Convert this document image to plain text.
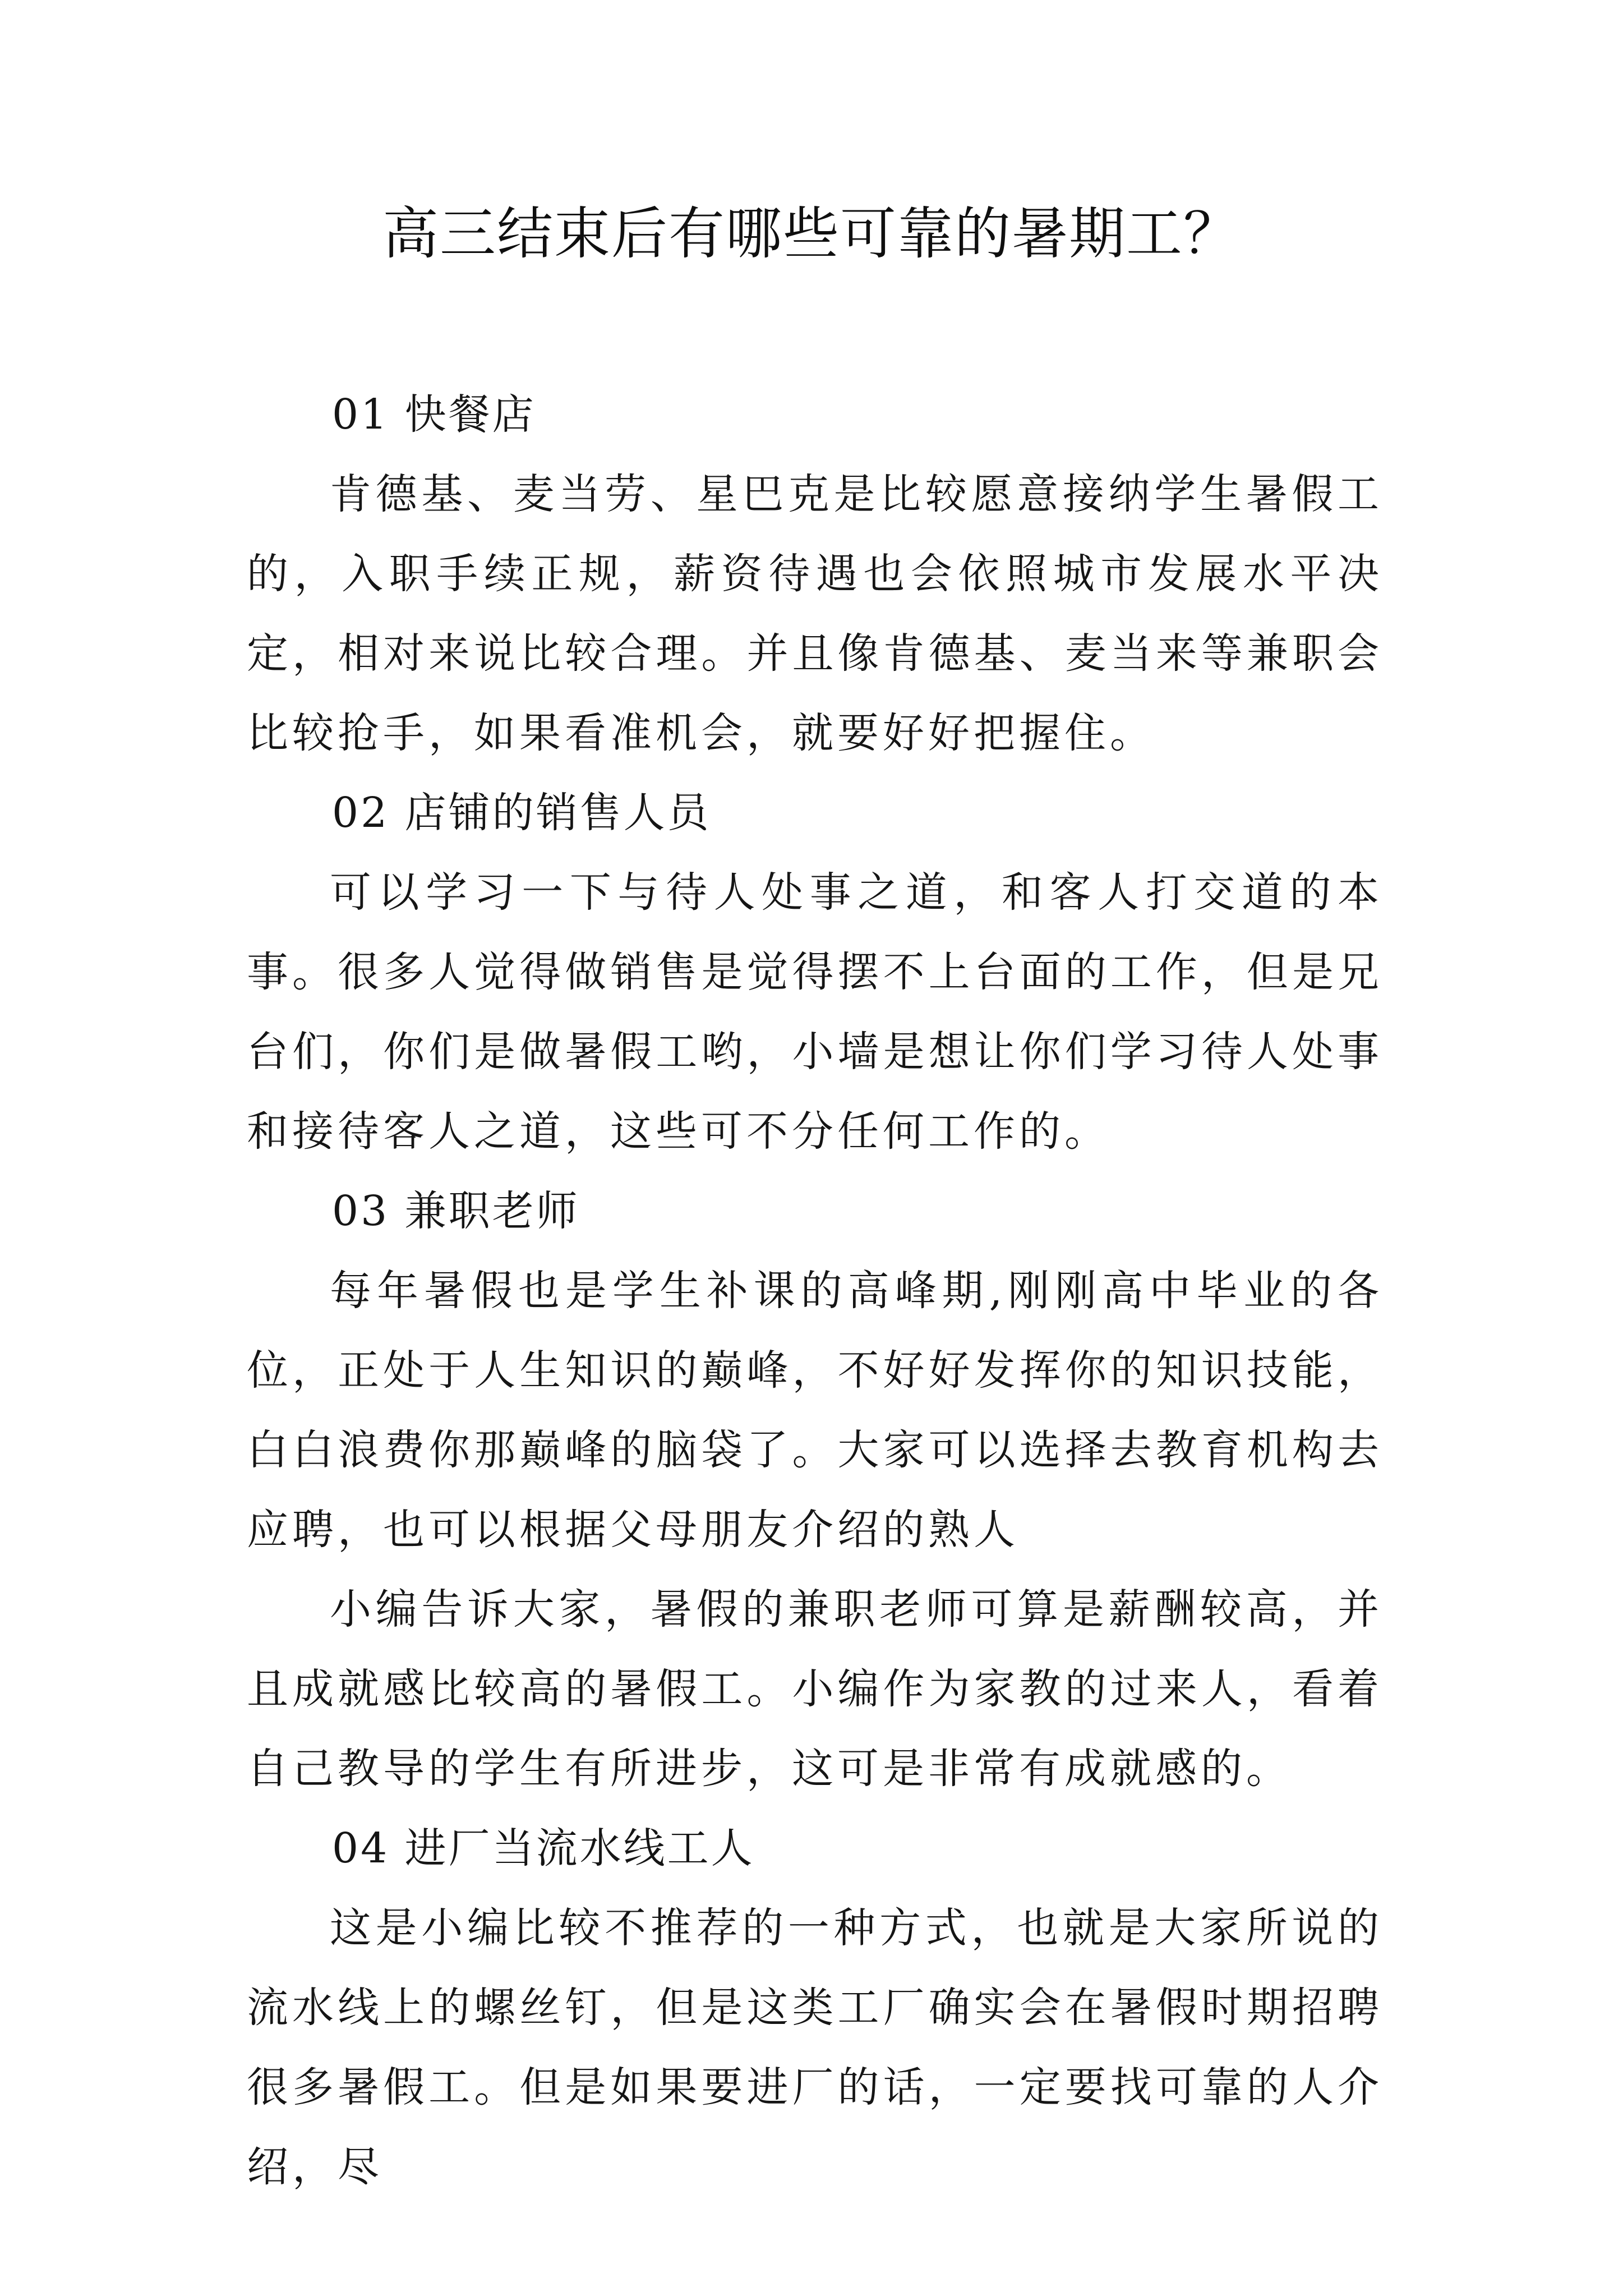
高三结束后有哪些可靠的暑期工？

01 快餐店

肯德基、麦当劳、星巴克是比较愿意接纳学生暑假工的，入职手续正规，薪资待遇也会依照城市发展水平决定，相对来说比较合理。并且像肯德基、麦当来等兼职会比较抢手，如果看准机会，就要好好把握住。

02 店铺的销售人员

可以学习一下与待人处事之道，和客人打交道的本事。很多人觉得做销售是觉得摆不上台面的工作，但是兄台们，你们是做暑假工哟，小墙是想让你们学习待人处事和接待客人之道，这些可不分任何工作的。

03 兼职老师

每年暑假也是学生补课的高峰期,刚刚高中毕业的各位，正处于人生知识的巅峰，不好好发挥你的知识技能，白白浪费你那巅峰的脑袋了。大家可以选择去教育机构去应聘，也可以根据父母朋友介绍的熟人

小编告诉大家，暑假的兼职老师可算是薪酬较高，并且成就感比较高的暑假工。小编作为家教的过来人，看着自己教导的学生有所进步，这可是非常有成就感的。

04 进厂当流水线工人

这是小编比较不推荐的一种方式，也就是大家所说的流水线上的螺丝钉，但是这类工厂确实会在暑假时期招聘很多暑假工。但是如果要进厂的话，一定要找可靠的人介绍，尽
